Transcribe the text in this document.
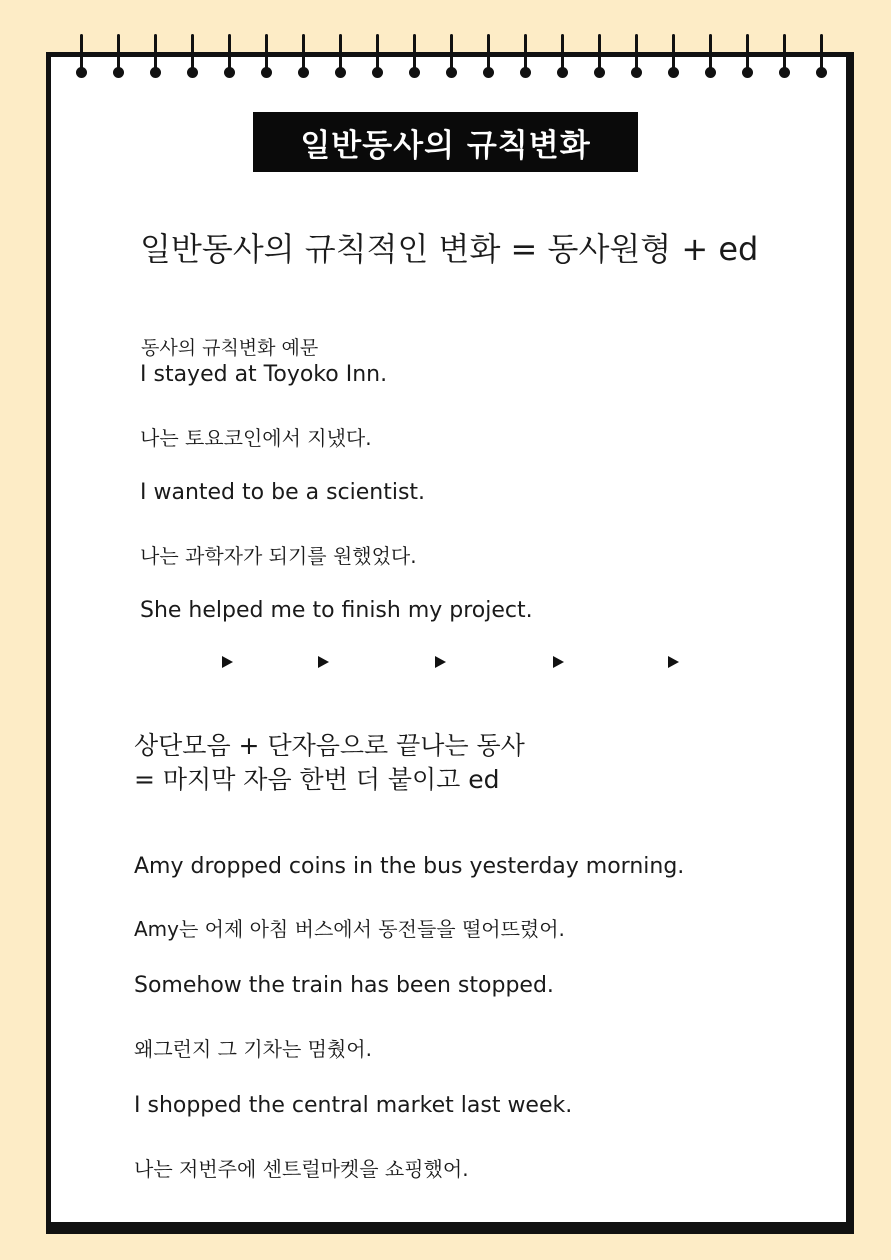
일반동사의 규칙변화
일반동사의 규칙적인 변화 = 동사원형 + ed
동사의 규칙변화 예문
I stayed at Toyoko Inn.
나는 토요코인에서 지냈다.
I wanted to be a scientist.
나는 과학자가 되기를 원했었다.
She helped me to finish my project.
상단모음 + 단자음으로 끝나는 동사
= 마지막 자음 한번 더 붙이고 ed
Amy dropped coins in the bus yesterday morning.
Amy는 어제 아침 버스에서 동전들을 떨어뜨렸어.
Somehow the train has been stopped.
왜그런지 그 기차는 멈췄어.
I shopped the central market last week.
나는 저번주에 센트럴마켓을 쇼핑했어.
